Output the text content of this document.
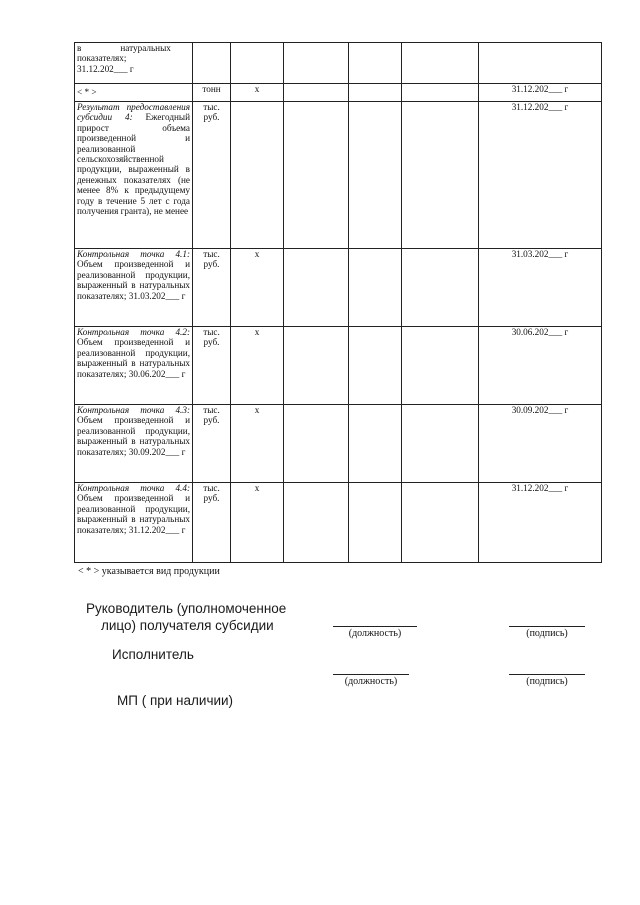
в                 натуральных
показателях;
31.12.202___ г						
< * >	тонн	х				31.12.202___ г
Результат предоставления субсидии 4: Ежегодный прирост объема произведенной и реализованной сельскохозяйственной продукции, выраженный в денежных показателях (не менее 8% к предыдущему году в течение 5 лет с года получения гранта), не менее	тыс. руб.					31.12.202___ г
Контрольная точка 4.1: Объем произведенной и реализованной продукции, выраженный в натуральных показателях; 31.03.202___ г	тыс. руб.	х				31.03.202___ г
Контрольная точка 4.2: Объем произведенной и реализованной продукции, выраженный в натуральных показателях; 30.06.202___ г	тыс. руб.	х				30.06.202___ г
Контрольная точка 4.3: Объем произведенной и реализованной продукции, выраженный в натуральных показателях; 30.09.202___ г	тыс. руб.	х				30.09.202___ г
Контрольная точка 4.4: Объем произведенной и реализованной продукции, выраженный в натуральных показателях; 31.12.202___ г	тыс. руб.	х				31.12.202___ г
< * > указывается вид продукции
Руководитель (уполномоченное
лицо) получателя субсидии
(должность)	(подпись)
Исполнитель
(должность)	(подпись)
МП ( при наличии)
